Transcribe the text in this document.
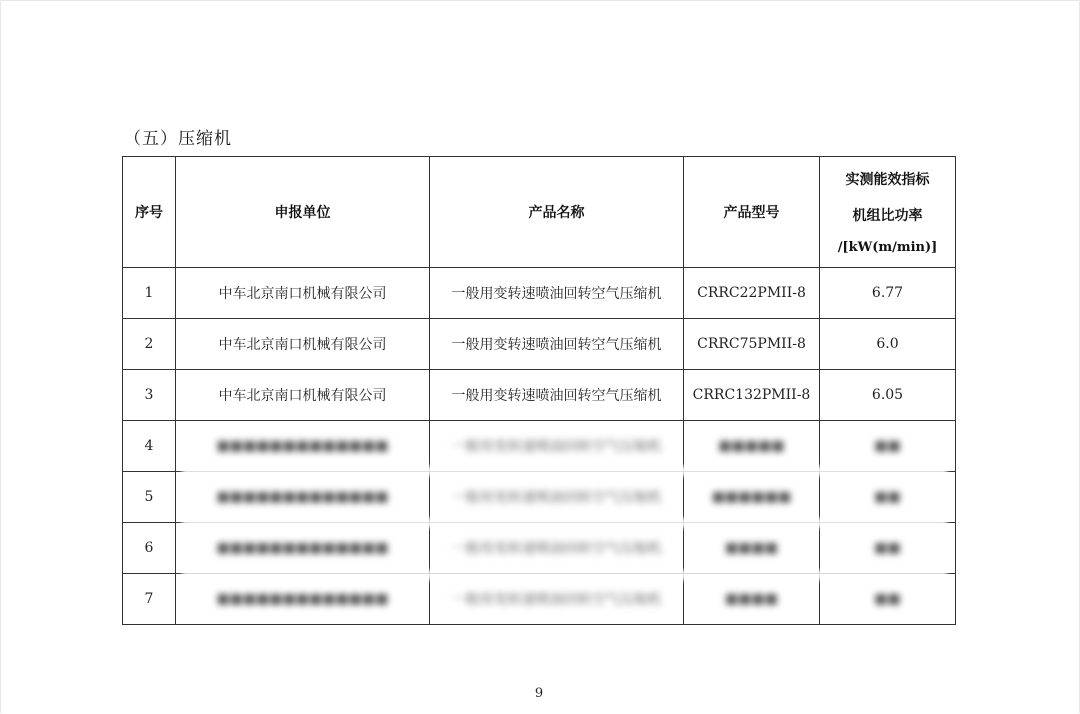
（五）压缩机
序号	申报单位	产品名称	产品型号	实测能效指标
机组比功率
/[kW(m/min)]

1	中车北京南口机械有限公司	一般用变转速喷油回转空气压缩机	CRRC22PMII-8	6.77
2	中车北京南口机械有限公司	一般用变转速喷油回转空气压缩机	CRRC75PMII-8	6.0
3	中车北京南口机械有限公司	一般用变转速喷油回转空气压缩机	CRRC132PMII-8	6.05
4	■■■■■■■■■■■■■	一般用变转速喷油回转空气压缩机	■■■■■	■■
5	■■■■■■■■■■■■■	一般用变转速喷油回转空气压缩机	■■■■■■	■■
6	■■■■■■■■■■■■■	一般用变转速喷油回转空气压缩机	■■■■	■■
7	■■■■■■■■■■■■■	一般用变转速喷油回转空气压缩机	■■■■	■■
9
